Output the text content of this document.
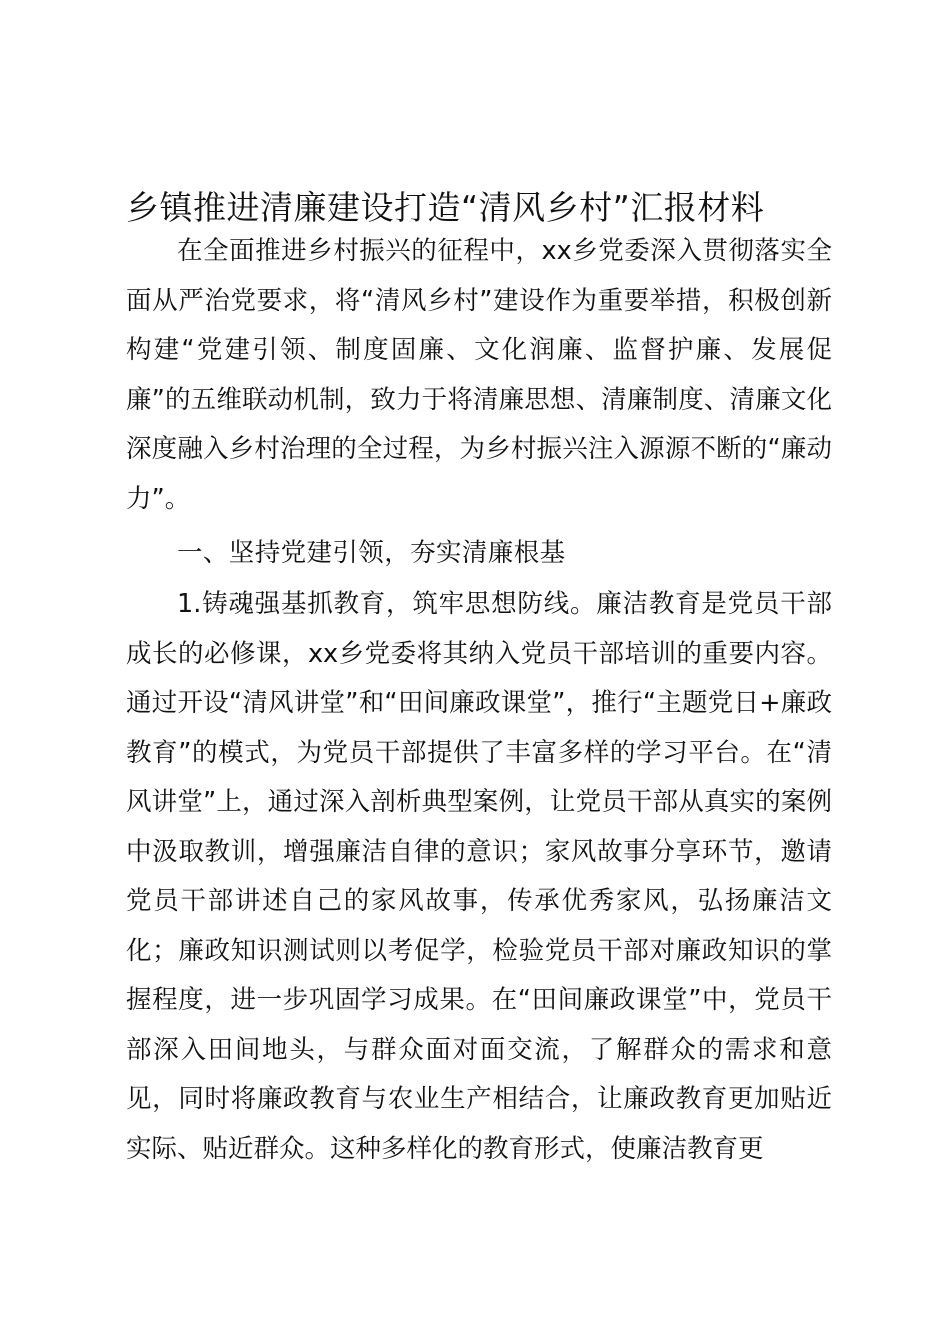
乡镇推进清廉建设打造“清风乡村”汇报材料

在全面推进乡村振兴的征程中，xx乡党委深入贯彻落实全面从严治党要求，将“清风乡村”建设作为重要举措，积极创新构建“党建引领、制度固廉、文化润廉、监督护廉、发展促廉”的五维联动机制，致力于将清廉思想、清廉制度、清廉文化深度融入乡村治理的全过程，为乡村振兴注入源源不断的“廉动力”。

一、坚持党建引领，夯实清廉根基

1.铸魂强基抓教育，筑牢思想防线。廉洁教育是党员干部成长的必修课，xx乡党委将其纳入党员干部培训的重要内容。通过开设“清风讲堂”和“田间廉政课堂”，推行“主题党日+廉政教育”的模式，为党员干部提供了丰富多样的学习平台。在“清风讲堂”上，通过深入剖析典型案例，让党员干部从真实的案例中汲取教训，增强廉洁自律的意识；家风故事分享环节，邀请党员干部讲述自己的家风故事，传承优秀家风，弘扬廉洁文化；廉政知识测试则以考促学，检验党员干部对廉政知识的掌握程度，进一步巩固学习成果。在“田间廉政课堂”中，党员干部深入田间地头，与群众面对面交流，了解群众的需求和意见，同时将廉政教育与农业生产相结合，让廉政教育更加贴近实际、贴近群众。这种多样化的教育形式，使廉洁教育更
